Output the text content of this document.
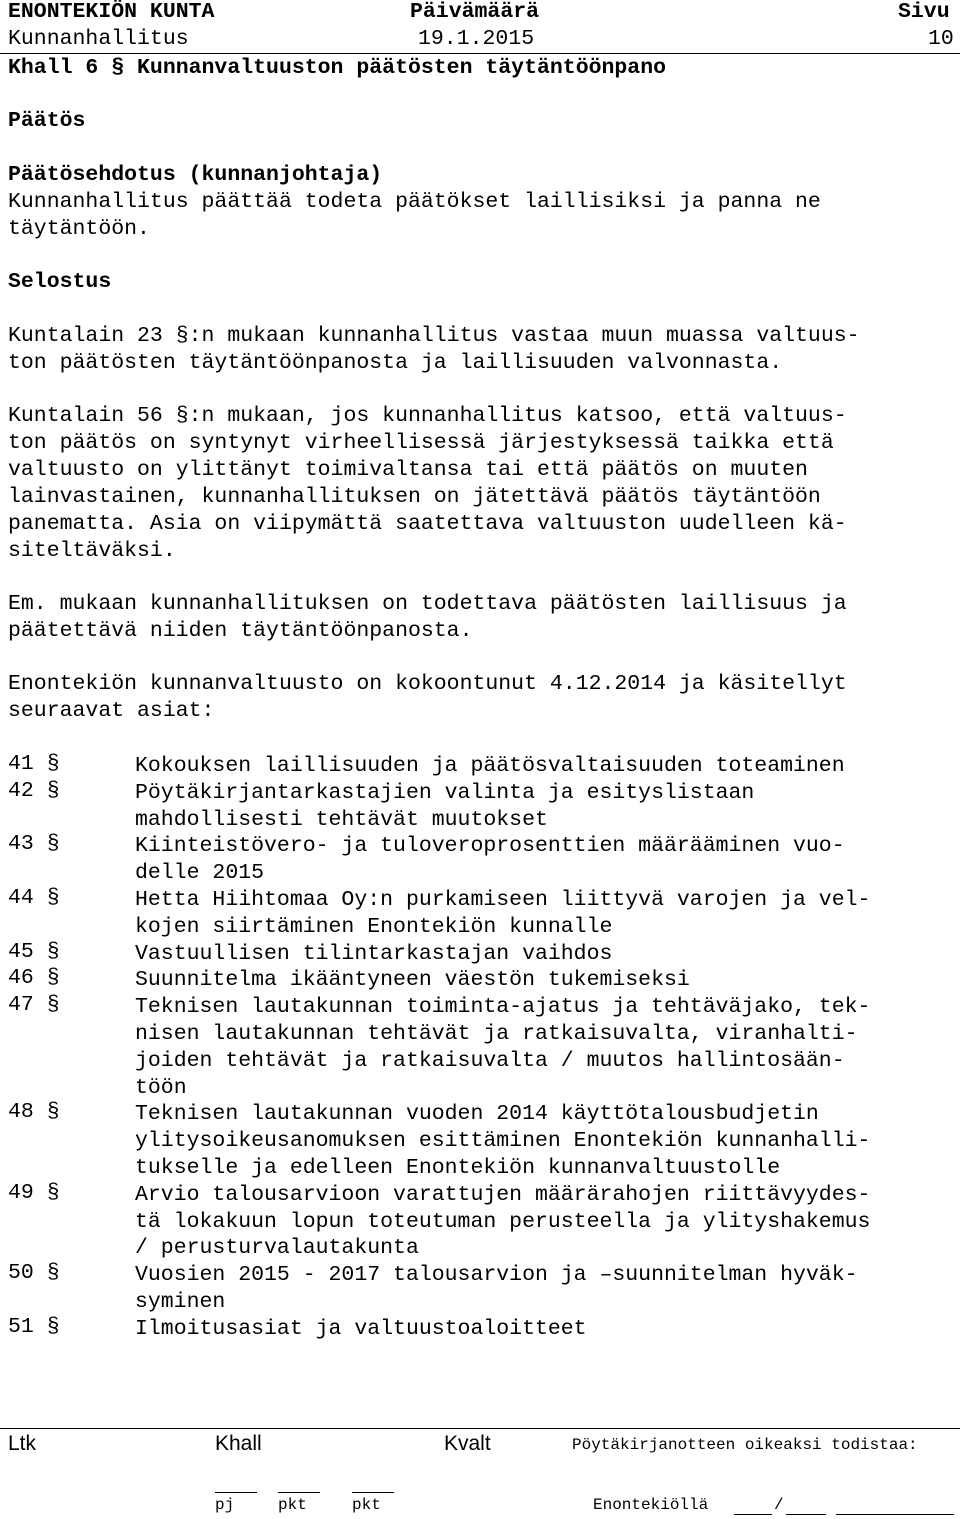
ENONTEKIÖN KUNTA	Päivämäärä	Sivu
Kunnanhallitus	19.1.2015	10
Khall 6 § Kunnanvaltuuston päätösten täytäntöönpano
Päätös
Päätösehdotus (kunnanjohtaja)
Kunnanhallitus päättää todeta päätökset laillisiksi ja panna ne
täytäntöön.
Selostus
Kuntalain 23 §:n mukaan kunnanhallitus vastaa muun muassa valtuus-
ton päätösten täytäntöönpanosta ja laillisuuden valvonnasta.
Kuntalain 56 §:n mukaan, jos kunnanhallitus katsoo, että valtuus-
ton päätös on syntynyt virheellisessä järjestyksessä taikka että
valtuusto on ylittänyt toimivaltansa tai että päätös on muuten
lainvastainen, kunnanhallituksen on jätettävä päätös täytäntöön
panematta. Asia on viipymättä saatettava valtuuston uudelleen kä-
siteltäväksi.
Em. mukaan kunnanhallituksen on todettava päätösten laillisuus ja
päätettävä niiden täytäntöönpanosta.
Enontekiön kunnanvaltuusto on kokoontunut 4.12.2014 ja käsitellyt
seuraavat asiat:
41 §	Kokouksen laillisuuden ja päätösvaltaisuuden toteaminen
42 §	Pöytäkirjantarkastajien valinta ja esityslistaan
mahdollisesti tehtävät muutokset
43 §	Kiinteistövero- ja tuloveroprosenttien määrääminen vuo-
delle 2015
44 §	Hetta Hiihtomaa Oy:n purkamiseen liittyvä varojen ja vel-
kojen siirtäminen Enontekiön kunnalle
45 §	Vastuullisen tilintarkastajan vaihdos
46 §	Suunnitelma ikääntyneen väestön tukemiseksi
47 §	Teknisen lautakunnan toiminta-ajatus ja tehtäväjako, tek-
nisen lautakunnan tehtävät ja ratkaisuvalta, viranhalti-
joiden tehtävät ja ratkaisuvalta / muutos hallintosään-
töön
48 §	Teknisen lautakunnan vuoden 2014 käyttötalousbudjetin
ylitysoikeusanomuksen esittäminen Enontekiön kunnanhalli-
tukselle ja edelleen Enontekiön kunnanvaltuustolle
49 §	Arvio talousarvioon varattujen määrärahojen riittävyydes-
tä lokakuun lopun toteutuman perusteella ja ylityshakemus
/ perusturvalautakunta
50 §	Vuosien 2015 - 2017 talousarvion ja –suunnitelman hyväk-
syminen
51 §	Ilmoitusasiat ja valtuustoaloitteet
Ltk	Khall	Kvalt	Pöytäkirjanotteen oikeaksi todistaa:
pj	pkt	pkt	Enontekiöllä	/
